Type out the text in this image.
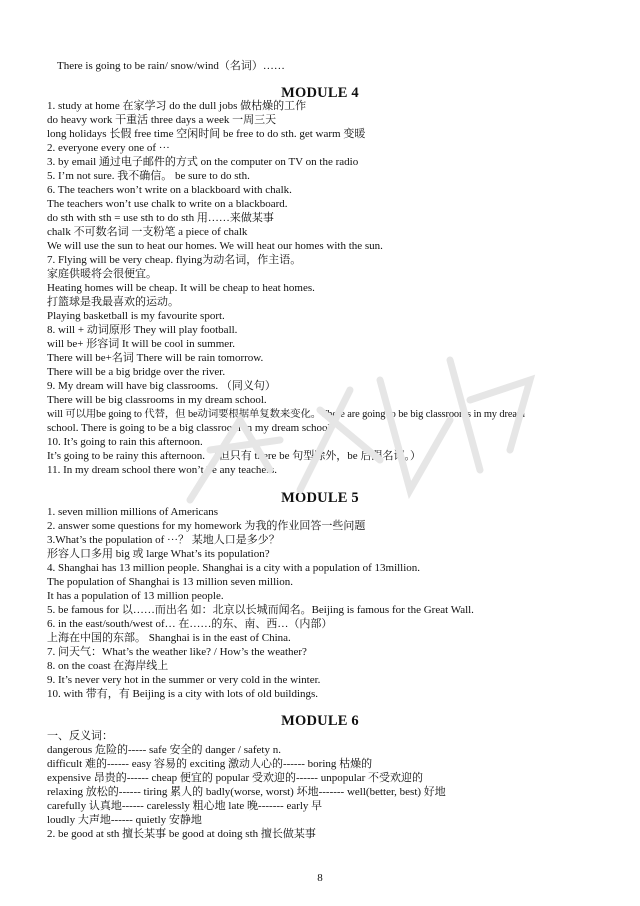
There is going to be rain/ snow/wind（名词）……
MODULE 4
1. study at home 在家学习 do the dull jobs 做枯燥的工作
do heavy work 干重活 three days a week 一周三天
long holidays 长假 free time 空闲时间 be free to do sth. get warm 变暖
2. everyone every one of ···
3. by email 通过电子邮件的方式 on the computer on TV on the radio
5. I’m not sure. 我不确信。 be sure to do sth.
6. The teachers won’t write on a blackboard with chalk.
The teachers won’t use chalk to write on a blackboard.
do sth with sth = use sth to do sth 用……来做某事
chalk 不可数名词 一支粉笔 a piece of chalk
We will use the sun to heat our homes. We will heat our homes with the sun.
7. Flying will be very cheap. flying为动名词，作主语。
家庭供暖将会很便宜。
Heating homes will be cheap. It will be cheap to heat homes.
打篮球是我最喜欢的运动。
Playing basketball is my favourite sport.
8. will + 动词原形 They will play football.
will be+ 形容词 It will be cool in summer.
There will be+名词 There will be rain tomorrow.
There will be a big bridge over the river.
9. My dream will have big classrooms. （同义句）
There will be big classrooms in my dream school.
will 可以用be going to 代替，但 be动词要根据单复数来变化。There are going to be big classrooms in my dream
school. There is going to be a big classroom in my dream school.
10. It’s going to rain this afternoon.
It’s going to be rainy this afternoon. （但只有 there be 句型除外，be 后跟名词。）
11. In my dream school there won’t be any teachers.
MODULE 5
1. seven million millions of Americans
2. answer some questions for my homework 为我的作业回答一些问题
3.What’s the population of ···？ 某地人口是多少？
形容人口多用 big 或 large What’s its population?
4. Shanghai has 13 million people. Shanghai is a city with a population of 13million.
The population of Shanghai is 13 million seven million.
It has a population of 13 million people.
5. be famous for 以……而出名 如：北京以长城而闻名。Beijing is famous for the Great Wall.
6. in the east/south/west of… 在……的东、南、西…（内部）
上海在中国的东部。 Shanghai is in the east of China.
7. 问天气：What’s the weather like? / How’s the weather?
8. on the coast 在海岸线上
9. It’s never very hot in the summer or very cold in the winter.
10. with 带有，有 Beijing is a city with lots of old buildings.
MODULE 6
一、反义词：
dangerous 危险的----- safe 安全的 danger / safety n.
difficult 难的------ easy 容易的 exciting 激动人心的------ boring 枯燥的
expensive 昂贵的------ cheap 便宜的 popular 受欢迎的------ unpopular 不受欢迎的
relaxing 放松的------ tiring 累人的 badly(worse, worst) 坏地------- well(better, best) 好地
carefully 认真地------ carelessly 粗心地 late 晚------- early 早
loudly 大声地------ quietly 安静地
2. be good at sth 擅长某事 be good at doing sth 擅长做某事
8
